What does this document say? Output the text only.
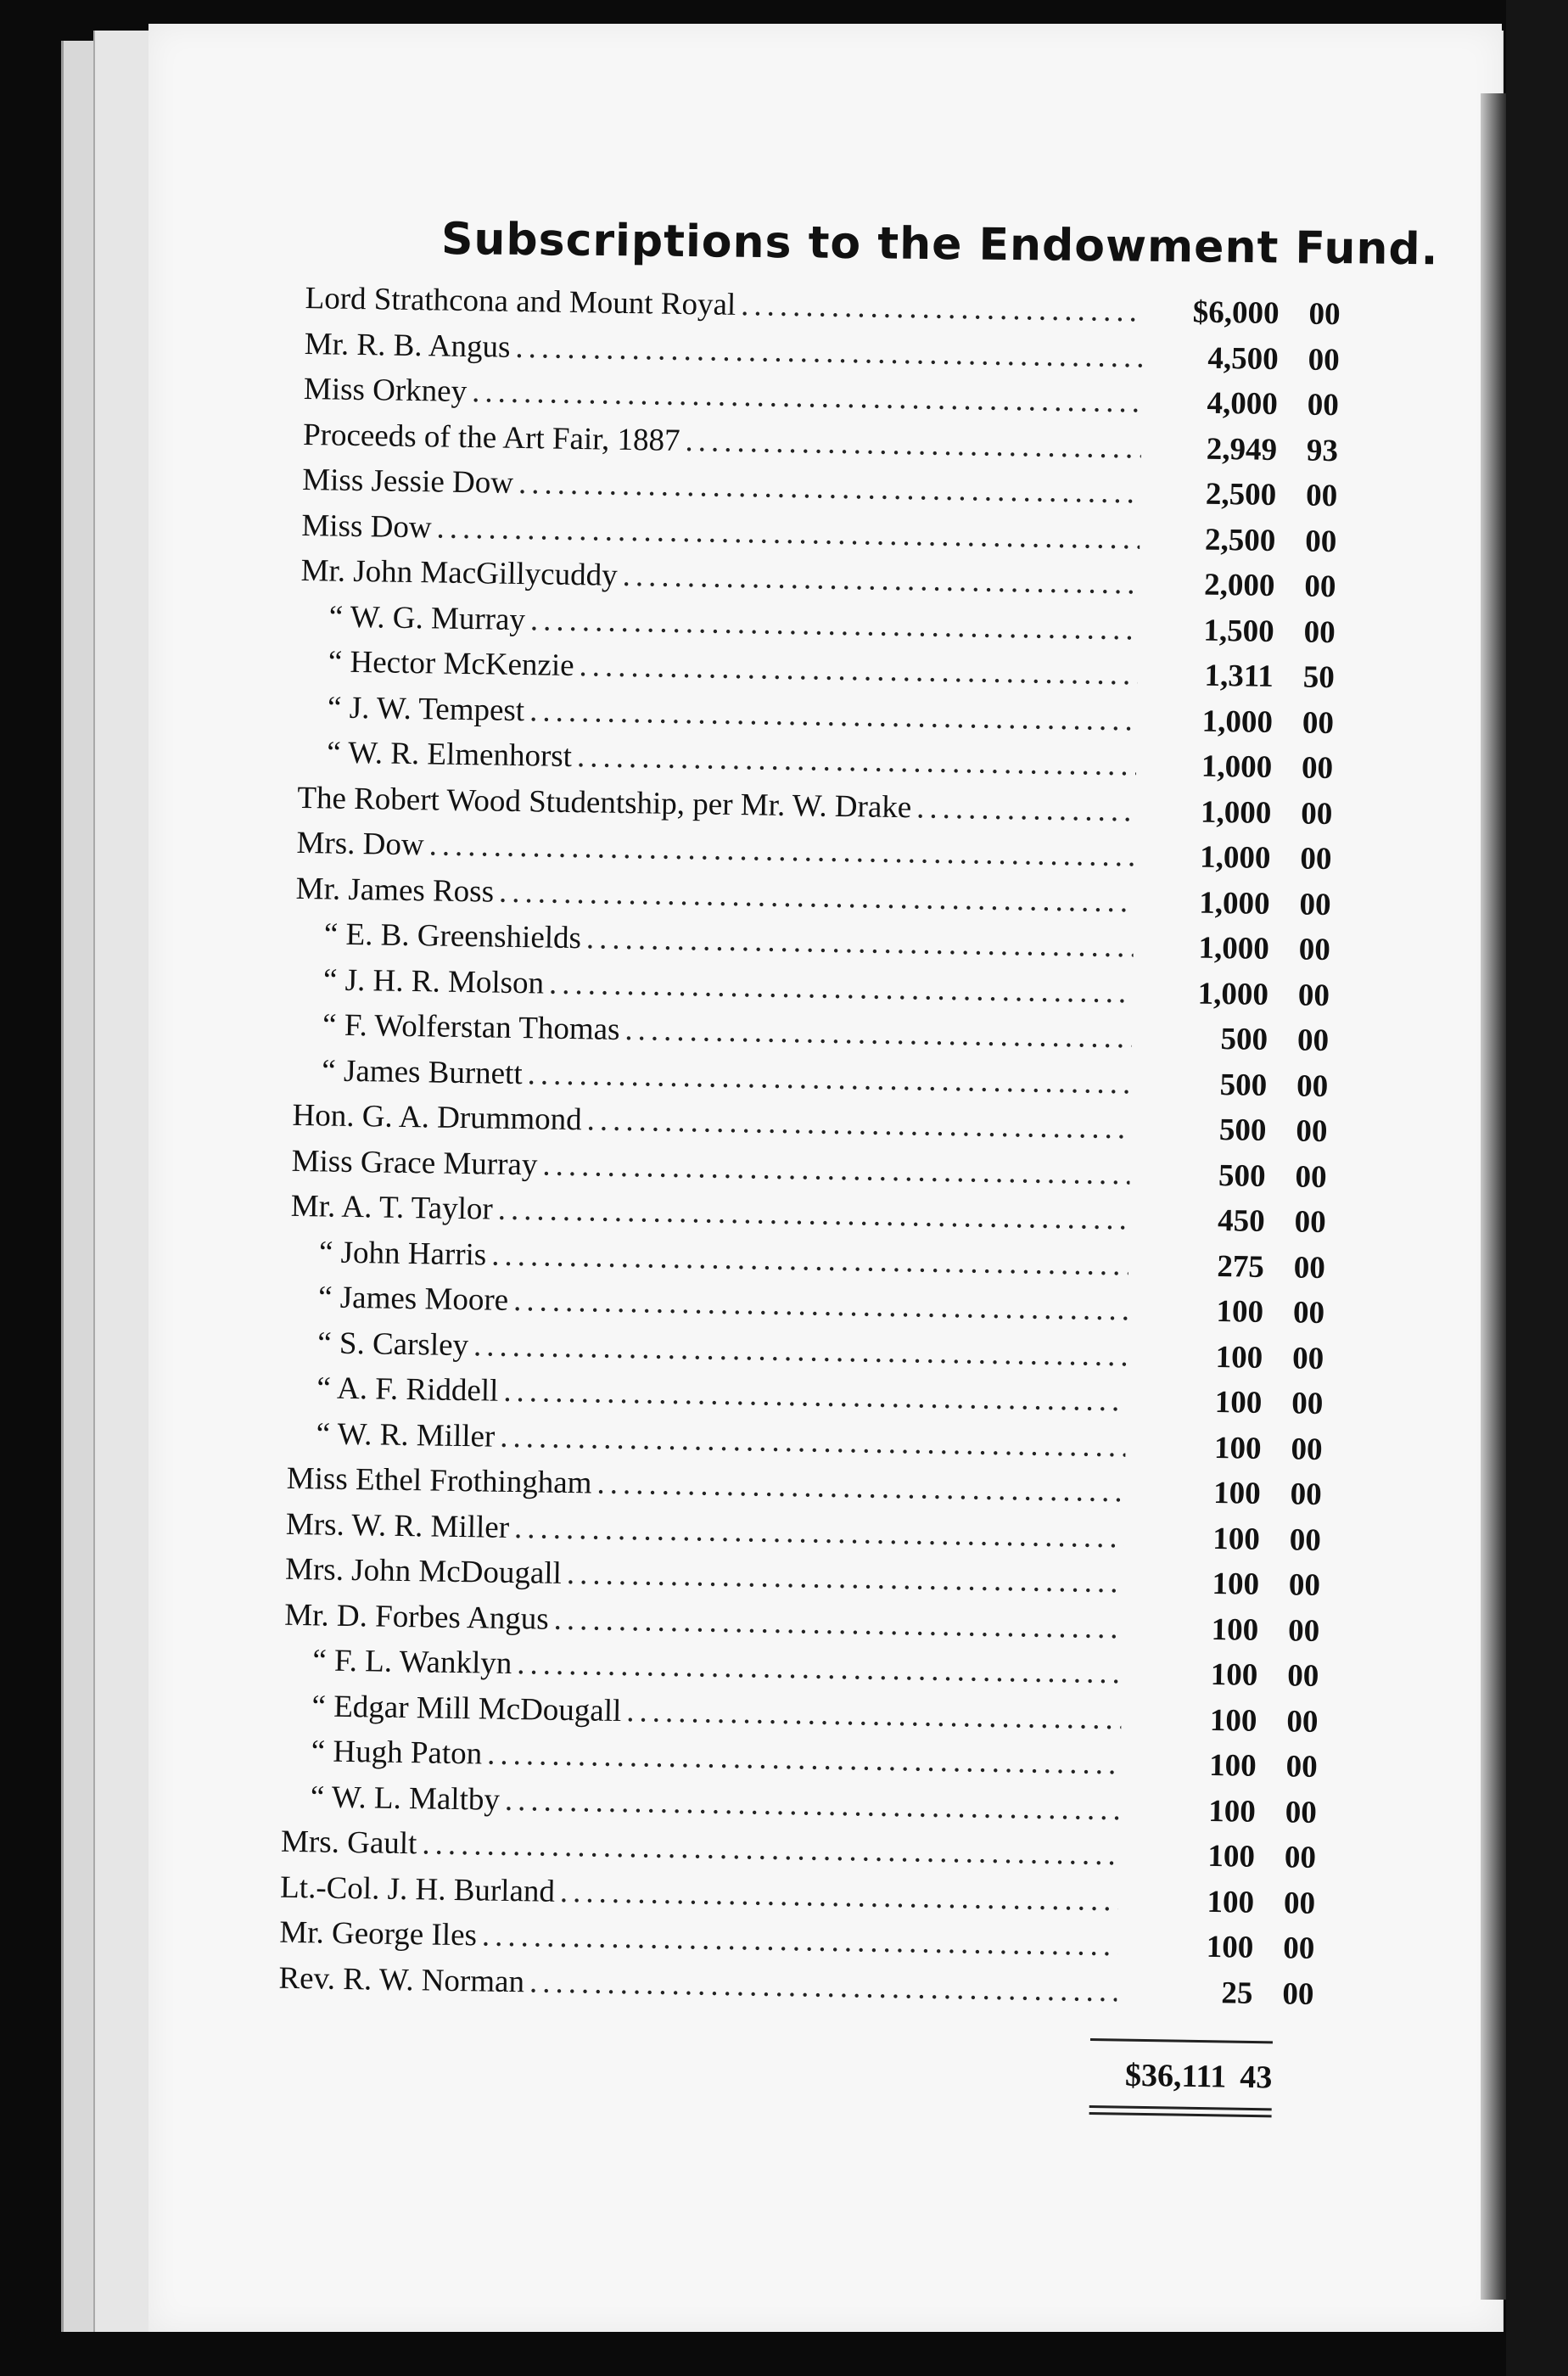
Subscriptions to the Endowment Fund.
Lord Strathcona and Mount Royal .....	$6,000 00
Mr. R. B. Angus .....	4,500 00
Miss Orkney .....	4,000 00
Proceeds of the Art Fair, 1887 .....	2,949 93
Miss Jessie Dow .....	2,500 00
Miss Dow .....	2,500 00
Mr. John MacGillycuddy .....	2,000 00
“ W. G. Murray .....	1,500 00
“ Hector McKenzie .....	1,311 50
“ J. W. Tempest .....	1,000 00
“ W. R. Elmenhorst .....	1,000 00
The Robert Wood Studentship, per Mr. W. Drake .....	1,000 00
Mrs. Dow .....	1,000 00
Mr. James Ross .....	1,000 00
“ E. B. Greenshields .....	1,000 00
“ J. H. R. Molson .....	1,000 00
“ F. Wolferstan Thomas .....	500 00
“ James Burnett .....	500 00
Hon. G. A. Drummond .....	500 00
Miss Grace Murray .....	500 00
Mr. A. T. Taylor .....	450 00
“ John Harris .....	275 00
“ James Moore .....	100 00
“ S. Carsley .....	100 00
“ A. F. Riddell .....	100 00
“ W. R. Miller .....	100 00
Miss Ethel Frothingham .....	100 00
Mrs. W. R. Miller .....	100 00
Mrs. John McDougall .....	100 00
Mr. D. Forbes Angus .....	100 00
“ F. L. Wanklyn .....	100 00
“ Edgar Mill McDougall .....	100 00
“ Hugh Paton .....	100 00
“ W. L. Maltby .....	100 00
Mrs. Gault .....	100 00
Lt.-Col. J. H. Burland .....	100 00
Mr. George Iles .....	100 00
Rev. R. W. Norman .....	25 00
$36,111 43
